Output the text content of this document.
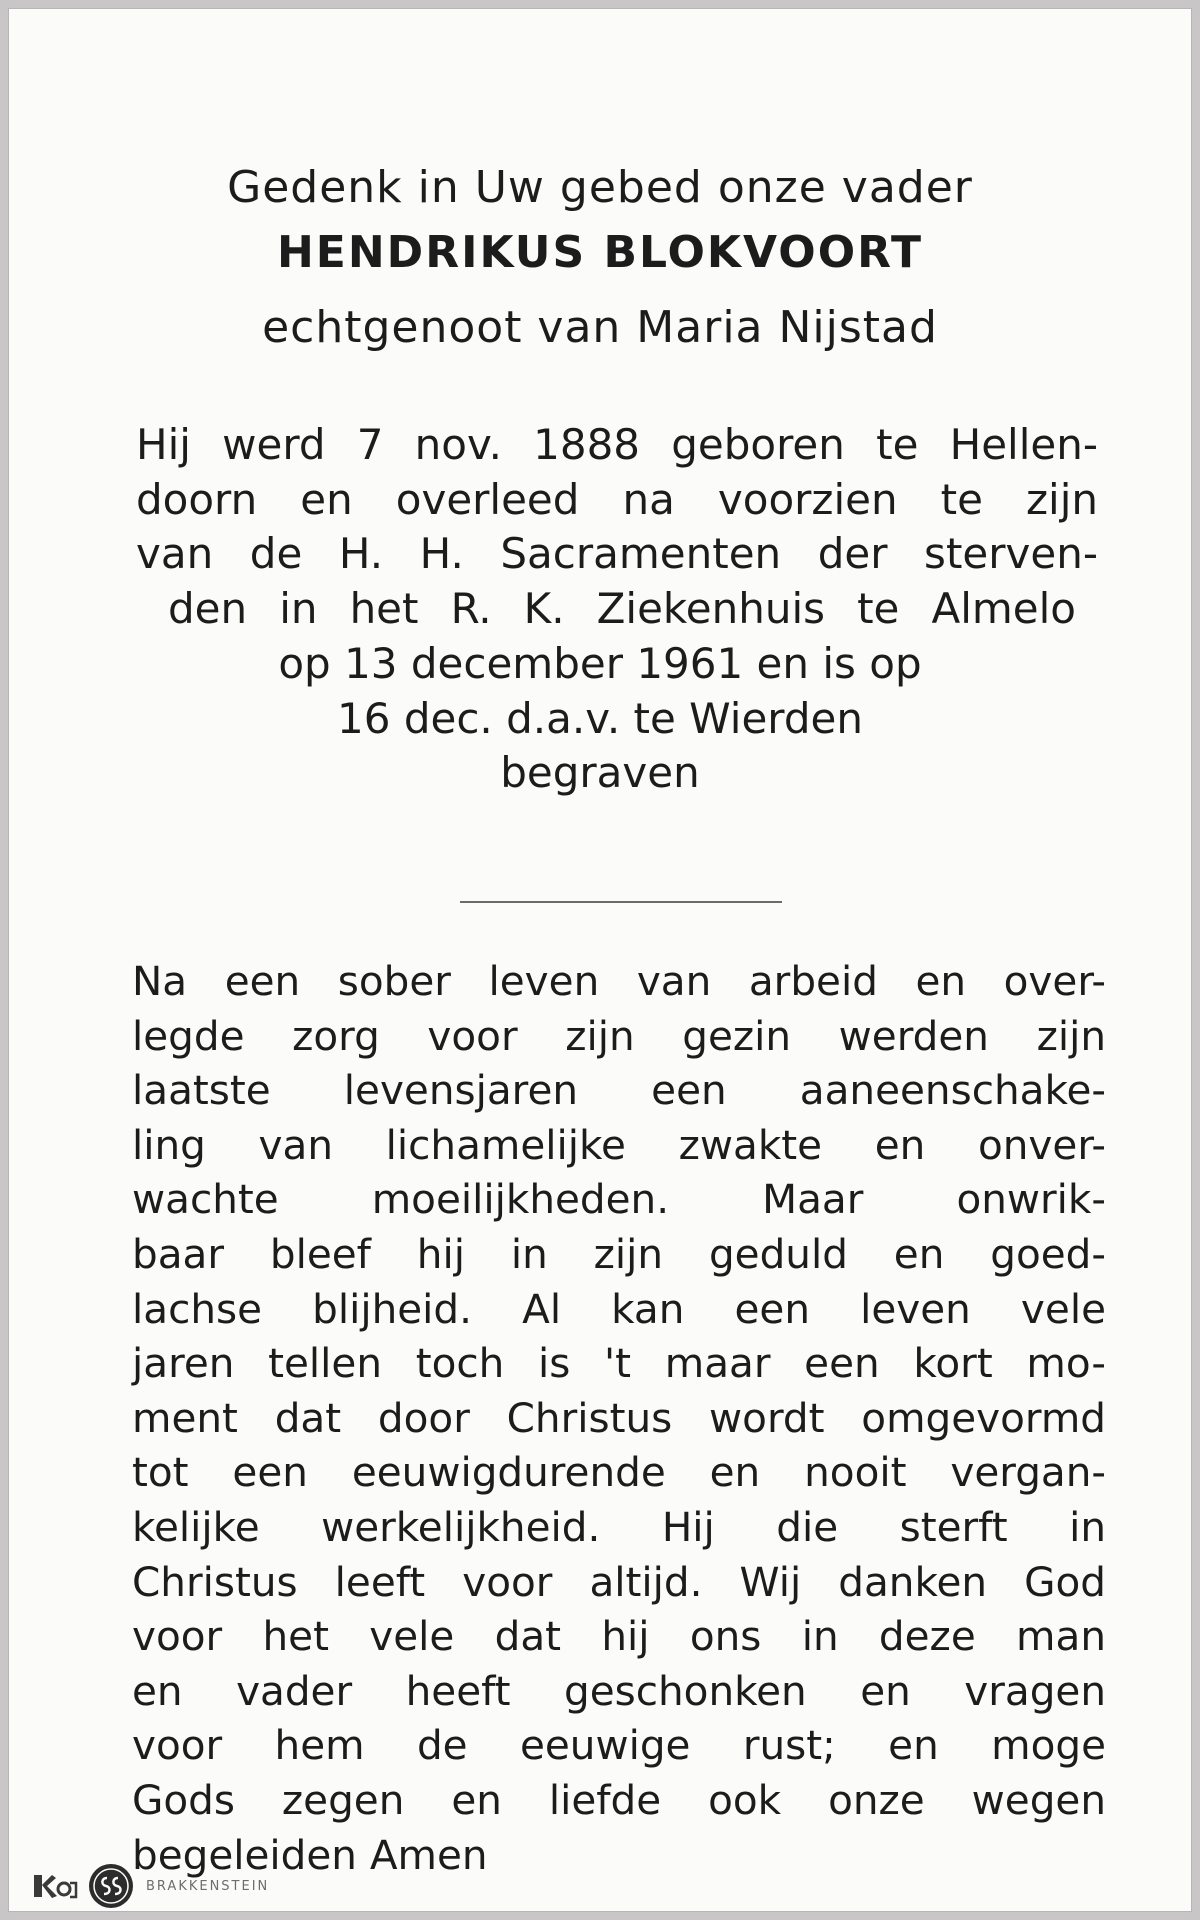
Gedenk in Uw gebed onze vader
HENDRIKUS BLOKVOORT
echtgenoot van Maria Nijstad
Hij werd 7 nov. 1888 geboren te Hellen-
doorn en overleed na voorzien te zijn
van de H. H. Sacramenten der sterven-
den in het R. K. Ziekenhuis te Almelo
op 13 december 1961 en is op
16 dec. d.a.v. te Wierden
begraven
Na een sober leven van arbeid en over-
legde zorg voor zijn gezin werden zijn
laatste levensjaren een aaneenschake-
ling van lichamelijke zwakte en onver-
wachte moeilijkheden. Maar onwrik-
baar bleef hij in zijn geduld en goed-
lachse blijheid. Al kan een leven vele
jaren tellen toch is 't maar een kort mo-
ment dat door Christus wordt omgevormd
tot een eeuwigdurende en nooit vergan-
kelijke werkelijkheid. Hij die sterft in
Christus leeft voor altijd. Wij danken God
voor het vele dat hij ons in deze man
en vader heeft geschonken en vragen
voor hem de eeuwige rust; en moge
Gods zegen en liefde ook onze wegen
begeleiden Amen
BRAKKENSTEIN
